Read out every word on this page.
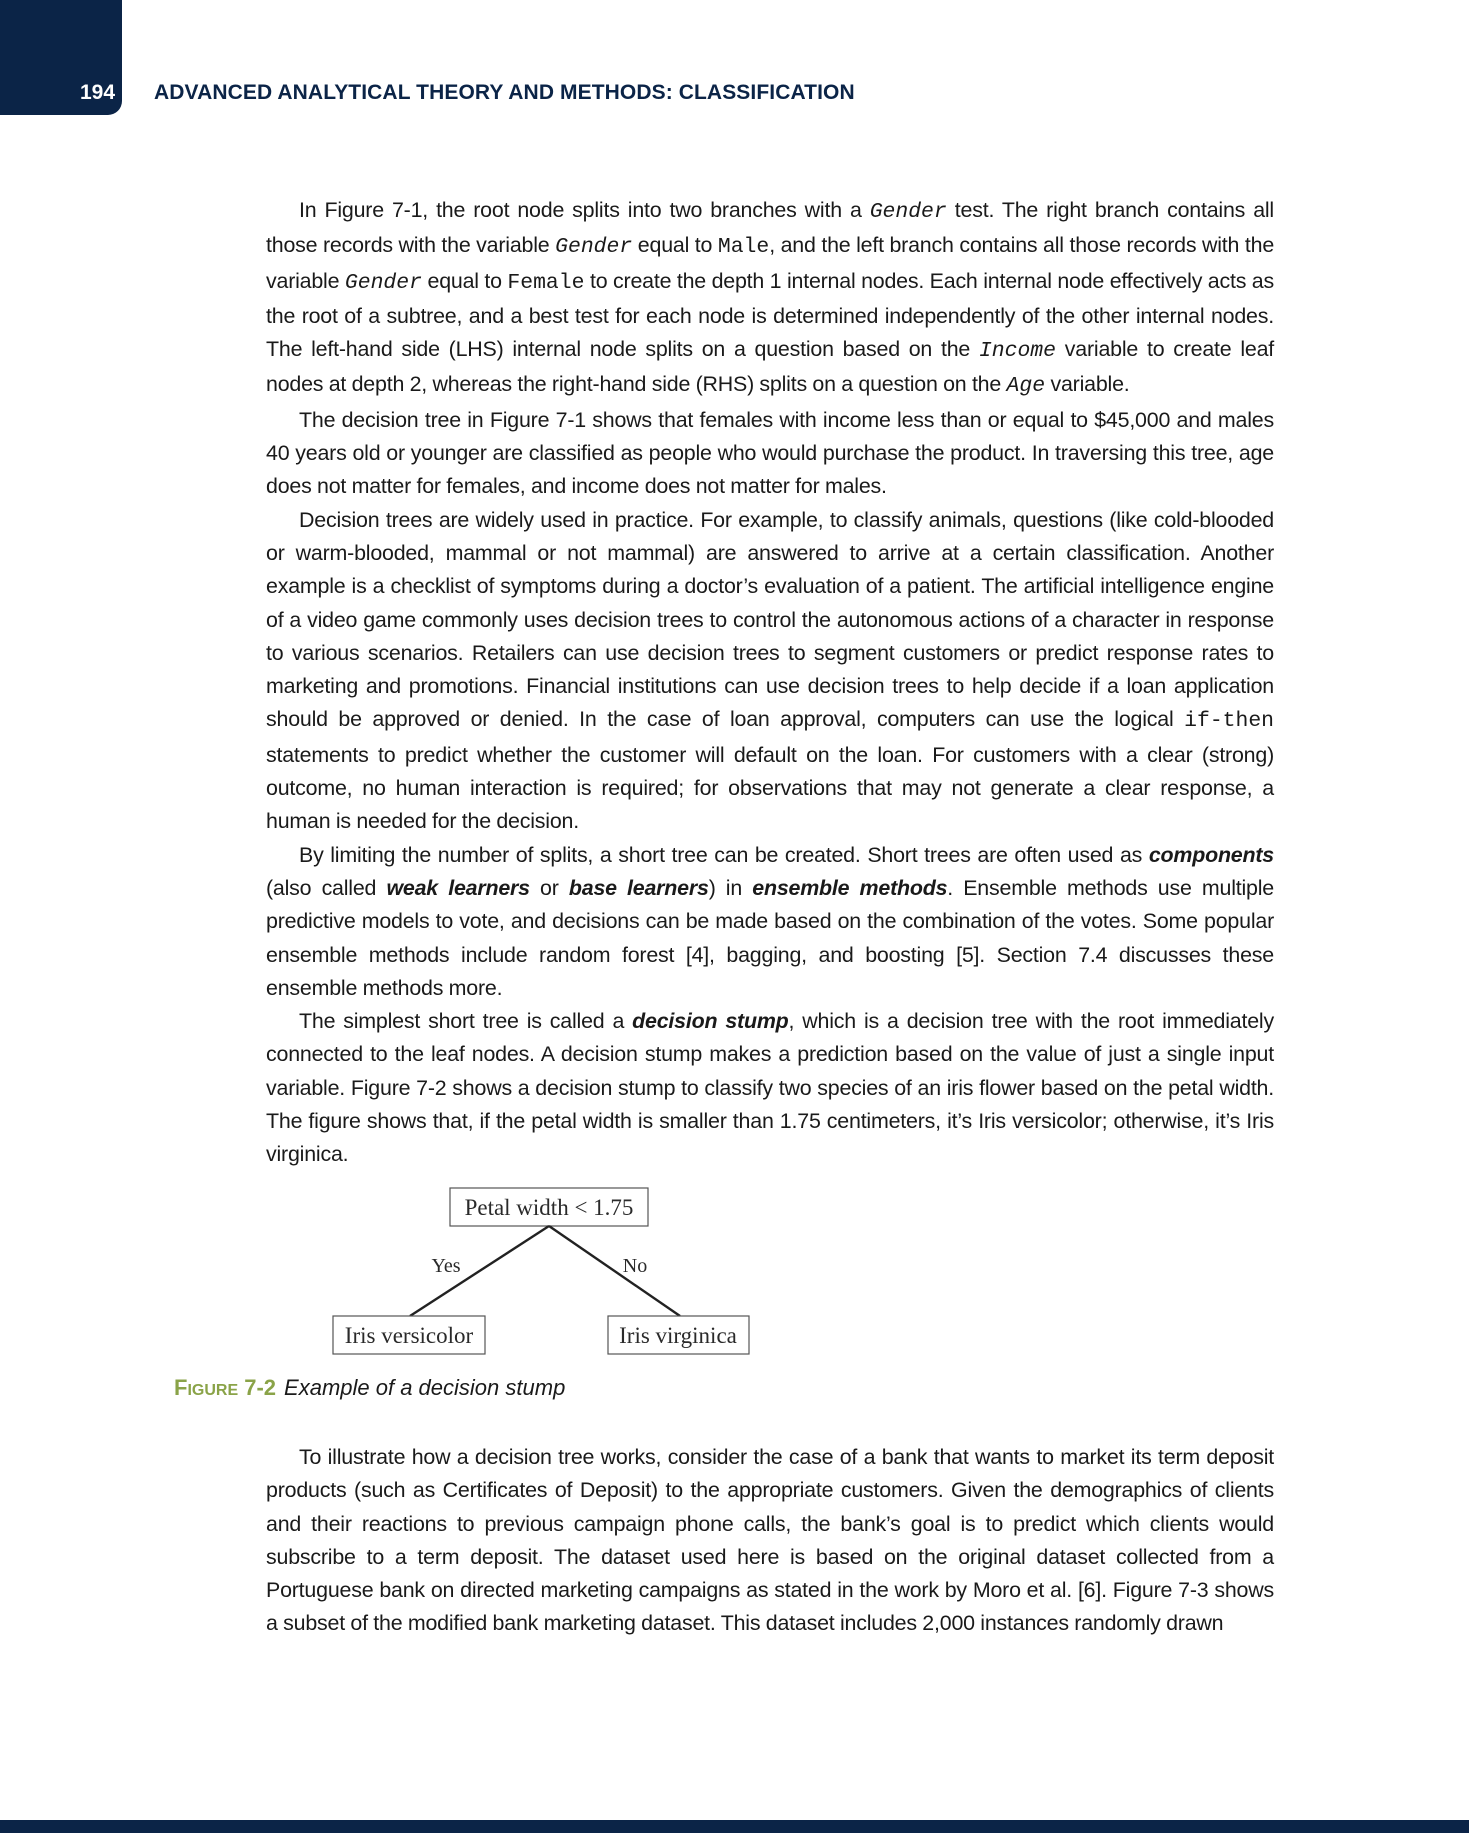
194 ADVANCED ANALYTICAL THEORY AND METHODS: CLASSIFICATION

In Figure 7-1, the root node splits into two branches with a Gender test. The right branch contains all those records with the variable Gender equal to Male, and the left branch contains all those records with the variable Gender equal to Female to create the depth 1 internal nodes. Each internal node effectively acts as the root of a subtree, and a best test for each node is determined independently of the other internal nodes. The left-hand side (LHS) internal node splits on a question based on the Income variable to create leaf nodes at depth 2, whereas the right-hand side (RHS) splits on a question on the Age variable.

The decision tree in Figure 7-1 shows that females with income less than or equal to $45,000 and males 40 years old or younger are classified as people who would purchase the product. In traversing this tree, age does not matter for females, and income does not matter for males.

Decision trees are widely used in practice. For example, to classify animals, questions (like cold-blooded or warm-blooded, mammal or not mammal) are answered to arrive at a certain classification. Another example is a checklist of symptoms during a doctor’s evaluation of a patient. The artificial intelligence engine of a video game commonly uses decision trees to control the autonomous actions of a character in response to various scenarios. Retailers can use decision trees to segment customers or predict response rates to marketing and promotions. Financial institutions can use decision trees to help decide if a loan application should be approved or denied. In the case of loan approval, computers can use the logical if-then statements to predict whether the customer will default on the loan. For customers with a clear (strong) outcome, no human interaction is required; for observations that may not generate a clear response, a human is needed for the decision.

By limiting the number of splits, a short tree can be created. Short trees are often used as components (also called weak learners or base learners) in ensemble methods. Ensemble methods use multiple predictive models to vote, and decisions can be made based on the combination of the votes. Some popular ensemble methods include random forest [4], bagging, and boosting [5]. Section 7.4 discusses these ensemble methods more.

The simplest short tree is called a decision stump, which is a decision tree with the root immediately connected to the leaf nodes. A decision stump makes a prediction based on the value of just a single input variable. Figure 7-2 shows a decision stump to classify two species of an iris flower based on the petal width. The figure shows that, if the petal width is smaller than 1.75 centimeters, it’s Iris versicolor; otherwise, it’s Iris virginica.

Petal width < 1.75
Yes	No
Iris versicolor	Iris virginica
FIGURE 7-2 Example of a decision stump

To illustrate how a decision tree works, consider the case of a bank that wants to market its term deposit products (such as Certificates of Deposit) to the appropriate customers. Given the demographics of clients and their reactions to previous campaign phone calls, the bank’s goal is to predict which clients would subscribe to a term deposit. The dataset used here is based on the original dataset collected from a Portuguese bank on directed marketing campaigns as stated in the work by Moro et al. [6]. Figure 7-3 shows a subset of the modified bank marketing dataset. This dataset includes 2,000 instances randomly drawn
